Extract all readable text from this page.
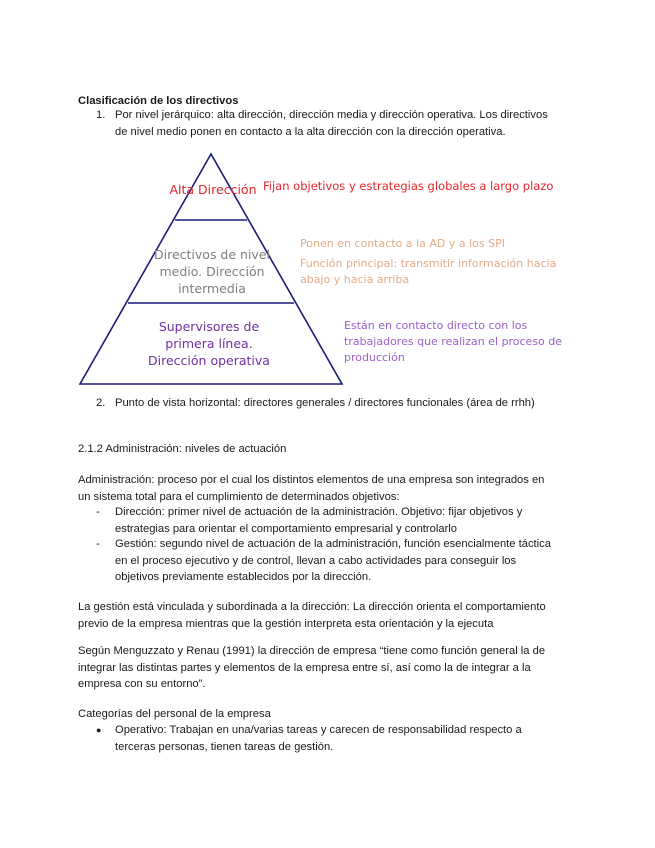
Clasificación de los directivos
1. Por nivel jerárquico: alta dirección, dirección media y dirección operativa. Los directivos
de nivel medio ponen en contacto a la alta dirección con la dirección operativa.
Alta Dirección
Directivos de nivel
medio. Dirección
intermedia
Supervisores de
primera línea.
Dirección operativa
Fijan objetivos y estrategias globales a largo plazo
Ponen en contacto a la AD y a los SPI
Función principal: transmitir información hacia
abajo y hacia arriba
Están en contacto directo con los
trabajadores que realizan el proceso de
producción
2. Punto de vista horizontal: directores generales / directores funcionales (área de rrhh)
2.1.2 Administración: niveles de actuación
Administración: proceso por el cual los distintos elementos de una empresa son integrados en
un sistema total para el cumplimiento de determinados objetivos:
- Dirección: primer nivel de actuación de la administración. Objetivo: fijar objetivos y
estrategias para orientar el comportamiento empresarial y controlarlo
- Gestión: segundo nivel de actuación de la administración, función esencialmente táctica
en el proceso ejecutivo y de control, llevan a cabo actividades para conseguir los
objetivos previamente establecidos por la dirección.
La gestión está vinculada y subordinada a la dirección: La dirección orienta el comportamiento
previo de la empresa mientras que la gestión interpreta esta orientación y la ejecuta
Según Menguzzato y Renau (1991) la dirección de empresa “tiene como función general la de
integrar las distintas partes y elementos de la empresa entre sí, así como la de integrar a la
empresa con su entorno”.
Categorías del personal de la empresa
● Operativo: Trabajan en una/varias tareas y carecen de responsabilidad respecto a
terceras personas, tienen tareas de gestión.
